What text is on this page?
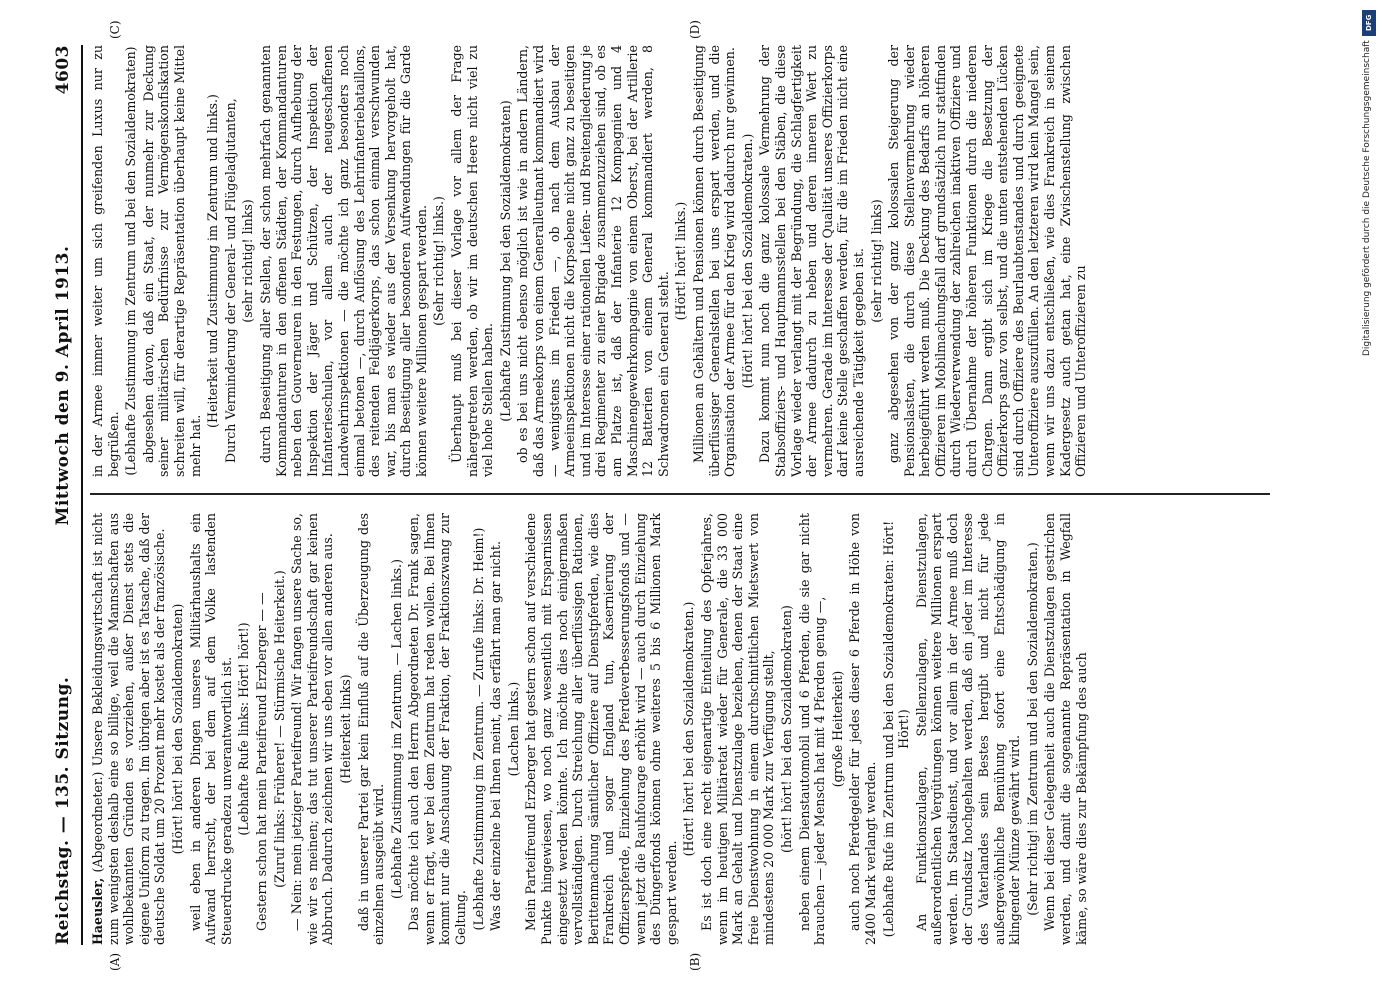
Reichstag. — 135. Sitzung.
Mittwoch den 9. April 1913.
4603

Haeusler, (Abgeordneter.) Unsere Bekleidungswirtschaft ist nicht zum wenigsten deshalb eine so billige, weil die Mannschaften aus wohlbekannten Gründen es vorziehen, außer Dienst stets die eigene Uniform zu tragen. Im übrigen aber ist es Tatsache, daß der deutsche Soldat um 20 Prozent mehr kostet als der französische. (Hört! hört! bei den Sozialdemokraten) weil eben in anderen Dingen unseres Militärhaushalts ein Aufwand herrscht, der bei dem auf dem Volke lastenden Steuerdrucke geradezu unverantwortlich ist. (Lebhafte Rufe links: Hört! hört!) Gestern schon hat mein Parteifreund Erzberger — — (Zuruf links: Früherer! — Stürmische Heiterkeit.) — Nein: mein jetziger Parteifreund! Wir fangen unsere Sache so, wie wir es meinen; das tut unserer Parteifreundschaft gar keinen Abbruch. Dadurch zeichnen wir uns eben vor allen anderen aus. (Heiterkeit links) daß in unserer Partei gar kein Einfluß auf die Überzeugung des einzelnen ausgeübt wird. (Lebhafte Zustimmung im Zentrum. — Lachen links.) Das möchte ich auch den Herrn Abgeordneten Dr. Frank sagen, wenn er fragt, wer bei dem Zentrum hat reden wollen. Bei Ihnen kommt nur die Anschauung der Fraktion, der Fraktionszwang zur Geltung. (Lebhafte Zustimmung im Zentrum. — Zurufe links: Dr. Heim!) Was der einzelne bei Ihnen meint, das erfährt man gar nicht. (Lachen links.) Mein Parteifreund Erzberger hat gestern schon auf verschiedene Punkte hingewiesen, wo noch ganz wesentlich mit Ersparnissen eingesetzt werden könnte. Ich möchte dies noch einigermaßen vervollständigen. Durch Streichung aller überflüssigen Rationen, Berittenmachung sämtlicher Offiziere auf Dienstpferden, wie dies Frankreich und sogar England tun, Kasernierung der Offizierspferde, Einziehung des Pferdeverbesserungsfonds und — wenn jetzt die Rauhfourage erhöht wird — auch durch Einziehung des Düngerfonds können ohne weiteres 5 bis 6 Millionen Mark gespart werden.

(Hört! hört! bei den Sozialdemokraten.) Es ist doch eine recht eigenartige Einteilung des Opferjahres, wenn im heutigen Militäretat wieder für Generale, die 33 000 Mark an Gehalt und Dienstzulage beziehen, denen der Staat eine freie Dienstwohnung in einem durchschnittlichen Mietswert von mindestens 20 000 Mark zur Verfügung stellt, (hört! hört! bei den Sozialdemokraten) neben einem Dienstautomobil und 6 Pferden, die sie gar nicht brauchen — jeder Mensch hat mit 4 Pferden genug —, (große Heiterkeit) auch noch Pferdegelder für jedes dieser 6 Pferde in Höhe von 2400 Mark verlangt werden. (Lebhafte Rufe im Zentrum und bei den Sozialdemokraten: Hört! Hört!) An Funktionszulagen, Stellenzulagen, Dienstzulagen, außerordentlichen Vergütungen können weitere Millionen erspart werden. Im Staatsdienst, und vor allem in der Armee muß doch der Grundsatz hochgehalten werden, daß ein jeder im Interesse des Vaterlandes sein Bestes hergibt und nicht für jede außergewöhnliche Bemühung sofort eine Entschädigung in klingender Münze gewährt wird. (Sehr richtig! im Zentrum und bei den Sozialdemokraten.) Wenn bei dieser Gelegenheit auch die Dienstzulagen gestrichen werden, und damit die sogenannte Repräsentation in Wegfall käme, so wäre dies zur Bekämpfung des auch

in der Armee immer weiter um sich greifenden Luxus nur zu begrüßen. (Lebhafte Zustimmung im Zentrum und bei den Sozialdemokraten) abgesehen davon, daß ein Staat, der nunmehr zur Deckung seiner militärischen Bedürfnisse zur Vermögenskonfiskation schreiten will, für derartige Repräsentation überhaupt keine Mittel mehr hat.

(Heiterkeit und Zustimmung im Zentrum und links.) Durch Verminderung der General- und Flügeladjutanten, (sehr richtig! links) durch Beseitigung aller Stellen, der schon mehrfach genannten Kommandanturen in den offenen Städten, der Kommandanturen neben den Gouverneuren in den Festungen, durch Aufhebung der Inspektion der Jäger und Schützen, der Inspektion der Infanterieschulen, vor allem auch der neugeschaffenen Landwehrinspektionen — die möchte ich ganz besonders noch einmal betonen —, durch Auflösung des Lehrinfanteriebataillons, des reitenden Feldjägerkorps, das schon einmal verschwunden war, bis man es wieder aus der Versenkung hervorgeholt hat, durch Beseitigung aller besonderen Aufwendungen für die Garde können weitere Millionen gespart werden. (Sehr richtig! links.) Überhaupt muß bei dieser Vorlage vor allem der Frage nähergetreten werden, ob wir im deutschen Heere nicht viel zu viel hohe Stellen haben. (Lebhafte Zustimmung bei den Sozialdemokraten) ob es bei uns nicht ebenso möglich ist wie in andern Ländern, daß das Armeekorps von einem Generalleutnant kommandiert wird — wenigstens im Frieden —, ob nach dem Ausbau der Armeeinspektionen nicht die Korpsebene nicht ganz zu beseitigen und im Interesse einer rationellen Liefen- und Breitengliederung je drei Regimenter zu einer Brigade zusammenzuziehen sind, ob es am Platze ist, daß der Infanterie 12 Kompagnien und 4 Maschinengewehrkompagnie von einem Oberst, bei der Artillerie 12 Batterien von einem General kommandiert werden, 8 Schwadronen ein General steht.

(Hört! hört! links.) Millionen an Gehältern und Pensionen können durch Beseitigung überflüssiger Generalstellen bei uns erspart werden, und die Organisation der Armee für den Krieg wird dadurch nur gewinnen. (Hört! hört! bei den Sozialdemokraten.) Dazu kommt nun noch die ganz kolossale Vermehrung der Stabsoffiziers- und Hauptmannsstellen bei den Stäben, die diese Vorlage wieder verlangt mit der Begründung, die Schlagfertigkeit der Armee dadurch zu heben und deren inneren Wert zu vermehren. Gerade im Interesse der Qualität unseres Offizierkorps darf keine Stelle geschaffen werden, für die im Frieden nicht eine ausreichende Tätigkeit gegeben ist. (sehr richtig! links) ganz abgesehen von der ganz kolossalen Steigerung der Pensionslasten, die durch diese Stellenvermehrung wieder herbeigeführt werden muß. Die Deckung des Bedarfs an höheren Offizieren im Mobilmachungsfall darf grundsätzlich nur stattfinden durch Wiederverwendung der zahlreichen inaktiven Offiziere und durch Übernahme der höheren Funktionen durch die niederen Chargen. Dann ergibt sich im Kriege die Besetzung der Offizierkorps ganz von selbst, und die unten entstehenden Lücken sind durch Offiziere des Beurlaubtenstandes und durch geeignete Unteroffiziere auszufüllen. An den letzteren wird kein Mangel sein, wenn wir uns dazu entschließen, wie dies Frankreich in seinem Kadergesetz auch getan hat, eine Zwischenstellung zwischen Offizieren und Unteroffizieren zu

(A)	(B)
(C)	(D)	DFG
Digitalisierung gefördert durch die Deutsche Forschungsgemeinschaft
